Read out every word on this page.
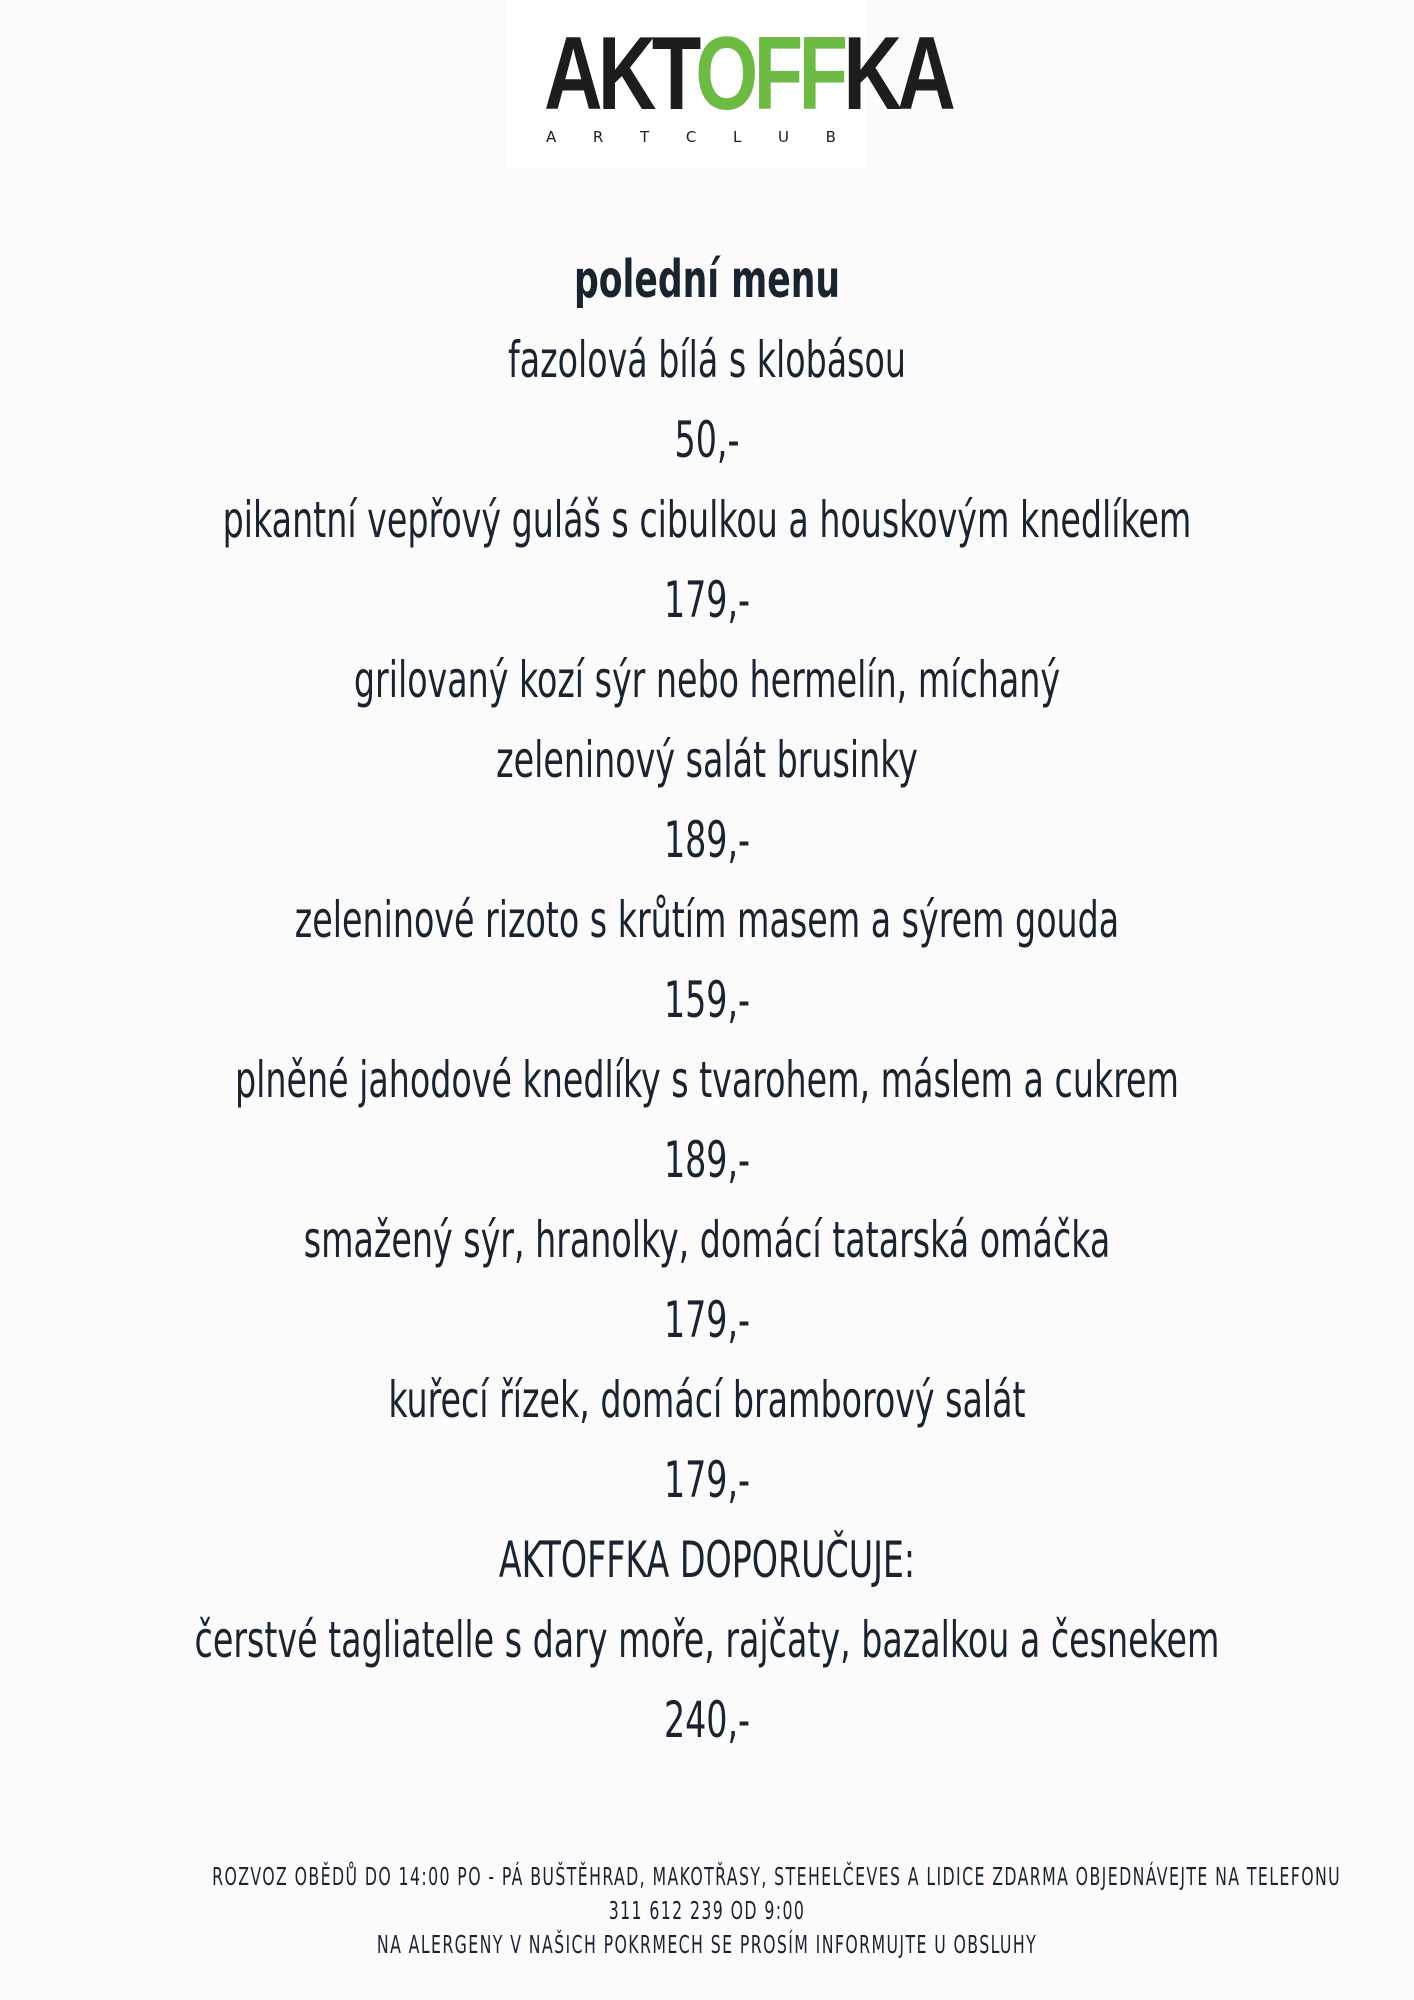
AKTOFFKA
A R T C L U B
polední menu
fazolová bílá s klobásou
50,-
pikantní vepřový guláš s cibulkou a houskovým knedlíkem
179,-
grilovaný kozí sýr nebo hermelín, míchaný
zeleninový salát brusinky
189,-
zeleninové rizoto s krůtím masem a sýrem gouda
159,-
plněné jahodové knedlíky s tvarohem, máslem a cukrem
189,-
smažený sýr, hranolky, domácí tatarská omáčka
179,-
kuřecí řízek, domácí bramborový salát
179,-
AKTOFFKA DOPORUČUJE:
čerstvé tagliatelle s dary moře, rajčaty, bazalkou a česnekem
240,-
ROZVOZ OBĚDŮ DO 14:00 PO - PÁ BUŠTĚHRAD, MAKOTŘASY, STEHELČEVES A LIDICE ZDARMA OBJEDNÁVEJTE NA TELEFONU
311 612 239 OD 9:00
NA ALERGENY V NAŠICH POKRMECH SE PROSÍM INFORMUJTE U OBSLUHY
